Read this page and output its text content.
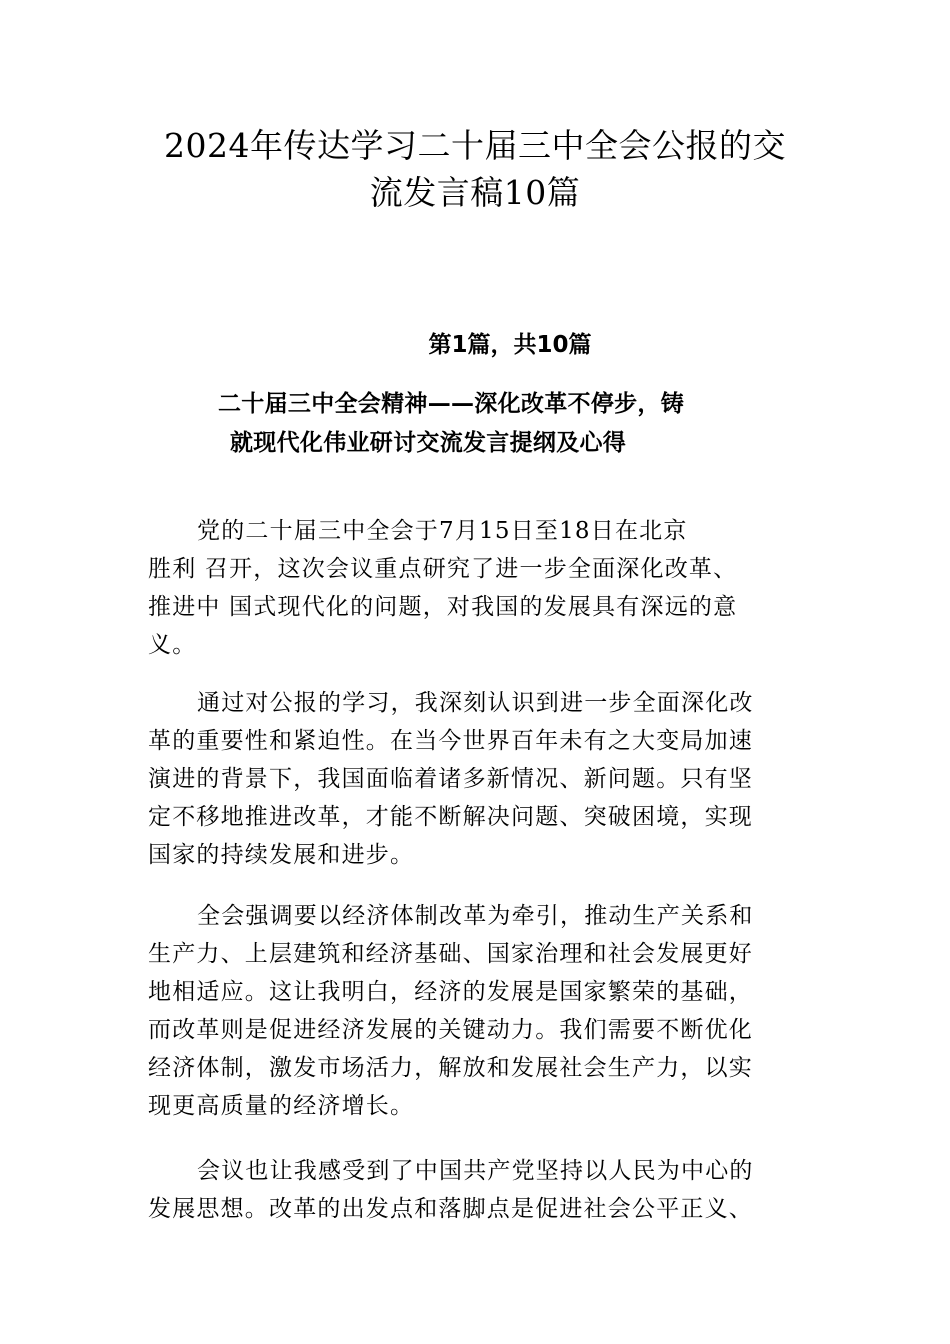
2024年传达学习二十届三中全会公报的交
流发言稿10篇
第1篇，共10篇
二十届三中全会精神——深化改革不停步，铸
就现代化伟业研讨交流发言提纲及心得
党的二十届三中全会于7月15日至18日在北京
胜利 召开，这次会议重点研究了进一步全面深化改革、
推进中 国式现代化的问题，对我国的发展具有深远的意
义。
通过对公报的学习，我深刻认识到进一步全面深化改
革的重要性和紧迫性。在当今世界百年未有之大变局加速
演进的背景下，我国面临着诸多新情况、新问题。只有坚
定不移地推进改革，才能不断解决问题、突破困境，实现
国家的持续发展和进步。
全会强调要以经济体制改革为牵引，推动生产关系和
生产力、上层建筑和经济基础、国家治理和社会发展更好
地相适应。这让我明白，经济的发展是国家繁荣的基础，
而改革则是促进经济发展的关键动力。我们需要不断优化
经济体制，激发市场活力，解放和发展社会生产力，以实
现更高质量的经济增长。
会议也让我感受到了中国共产党坚持以人民为中心的
发展思想。改革的出发点和落脚点是促进社会公平正义、
